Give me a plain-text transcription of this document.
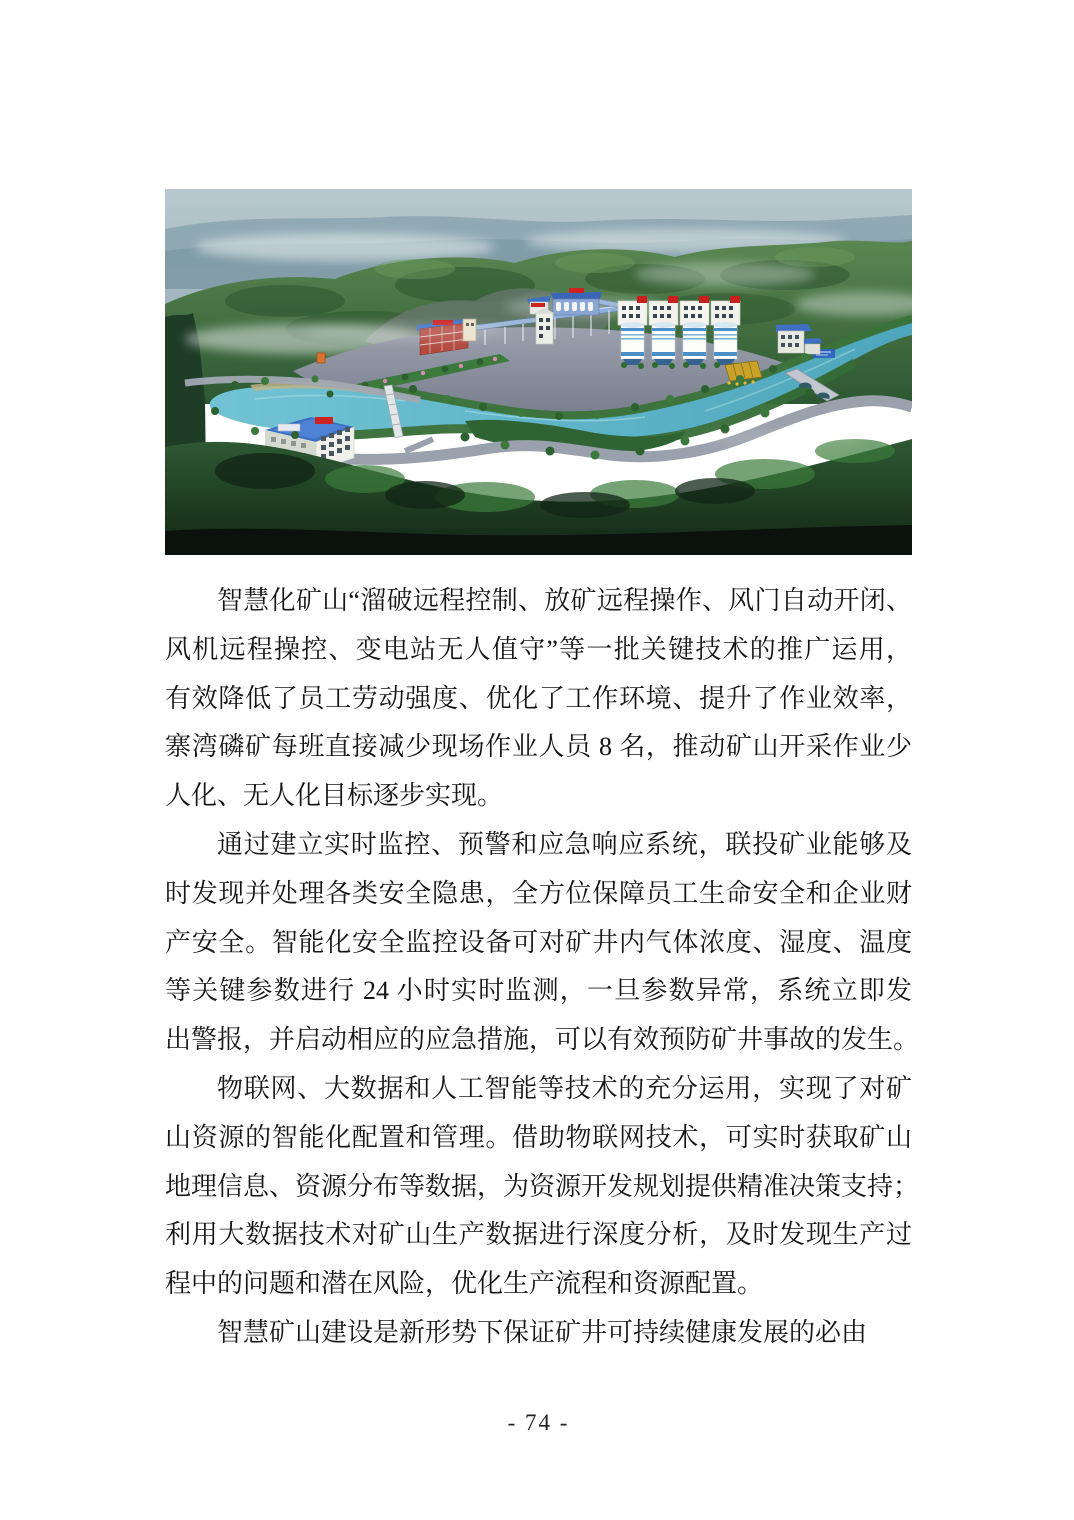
智慧化矿山“溜破远程控制、放矿远程操作、风门自动开闭、
风机远程操控、变电站无人值守”等一批关键技术的推广运用，
有效降低了员工劳动强度、优化了工作环境、提升了作业效率，
寨湾磷矿每班直接减少现场作业人员 8 名，推动矿山开采作业少
人化、无人化目标逐步实现。
通过建立实时监控、预警和应急响应系统，联投矿业能够及
时发现并处理各类安全隐患，全方位保障员工生命安全和企业财
产安全。智能化安全监控设备可对矿井内气体浓度、湿度、温度
等关键参数进行 24 小时实时监测，一旦参数异常，系统立即发
出警报，并启动相应的应急措施，可以有效预防矿井事故的发生。
物联网、大数据和人工智能等技术的充分运用，实现了对矿
山资源的智能化配置和管理。借助物联网技术，可实时获取矿山
地理信息、资源分布等数据，为资源开发规划提供精准决策支持；
利用大数据技术对矿山生产数据进行深度分析，及时发现生产过
程中的问题和潜在风险，优化生产流程和资源配置。
智慧矿山建设是新形势下保证矿井可持续健康发展的必由
- 74 -
